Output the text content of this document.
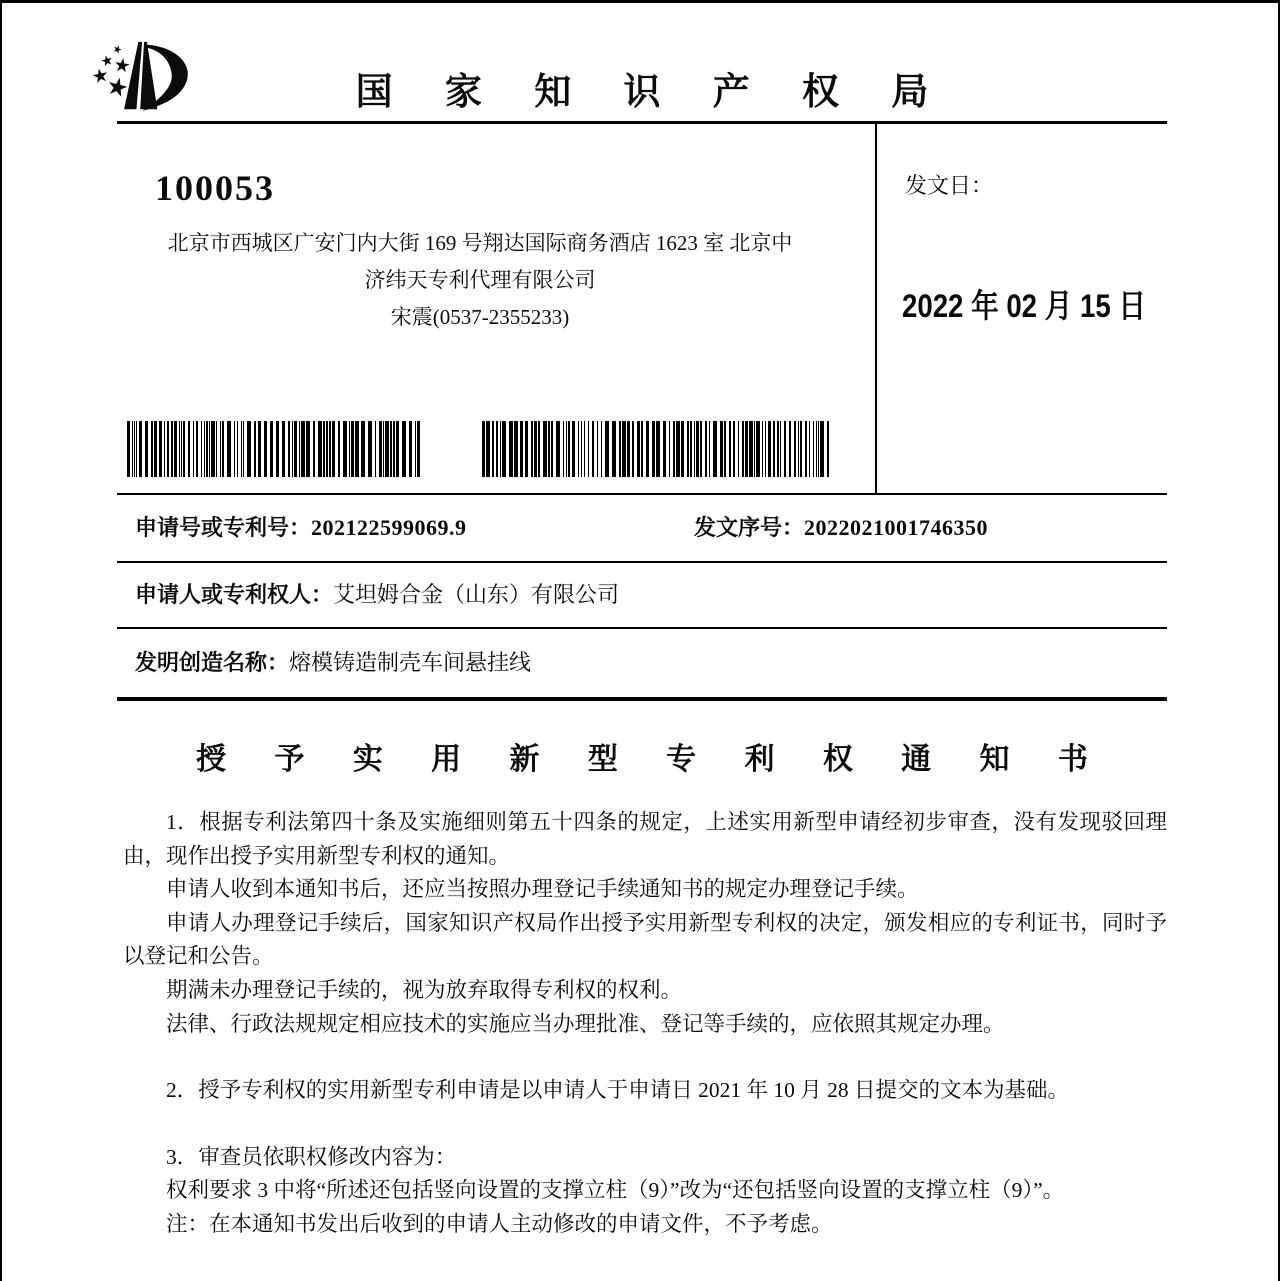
国 家 知 识 产 权 局
100053
北京市西城区广安门内大街 169 号翔达国际商务酒店 1623 室 北京中
济纬天专利代理有限公司
宋震(0537-2355233)
发文日：
2022 年 02 月 15 日
申请号或专利号：202122599069.9	发文序号：2022021001746350
申请人或专利权人：艾坦姆合金（山东）有限公司
发明创造名称：熔模铸造制壳车间悬挂线
授 予 实 用 新 型 专 利 权 通 知 书

1．根据专利法第四十条及实施细则第五十四条的规定，上述实用新型申请经初步审查，没有发现驳回理由，现作出授予实用新型专利权的通知。

申请人收到本通知书后，还应当按照办理登记手续通知书的规定办理登记手续。

申请人办理登记手续后，国家知识产权局作出授予实用新型专利权的决定，颁发相应的专利证书，同时予以登记和公告。

期满未办理登记手续的，视为放弃取得专利权的权利。

法律、行政法规规定相应技术的实施应当办理批准、登记等手续的，应依照其规定办理。

2．授予专利权的实用新型专利申请是以申请人于申请日 2021 年 10 月 28 日提交的文本为基础。

3．审查员依职权修改内容为：

权利要求 3 中将“所述还包括竖向设置的支撑立柱（9）”改为“还包括竖向设置的支撑立柱（9）”。

注：在本通知书发出后收到的申请人主动修改的申请文件，不予考虑。
